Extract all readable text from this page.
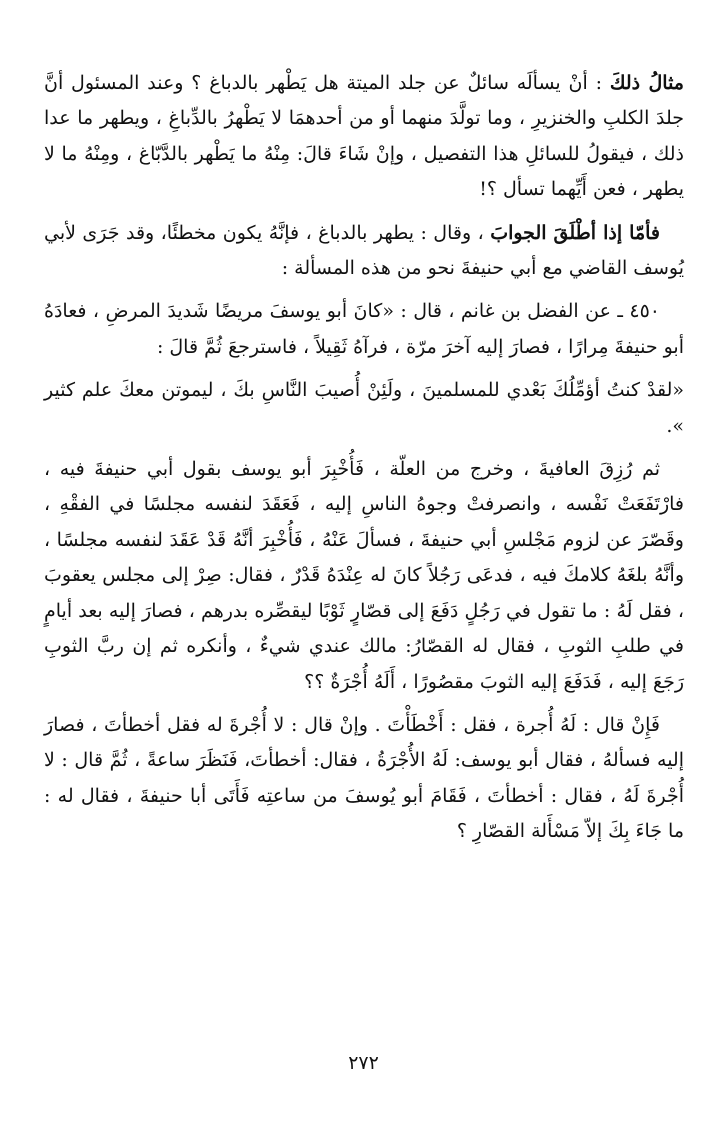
مثالُ ذلكَ : أنْ يسألَه سائلٌ عن جلد الميتة هل يَطْهر بالدباغ ؟ وعند المسئول أنَّ جلدَ الكلبِ والخنزيرِ ، وما تولَّدَ منهما أو من أحدهمَا لا يَطْهرُ بالدِّباغِ ، ويطهر ما عدا ذلك ، فيقولُ للسائلِ هذا التفصيل ، وإنْ شَاءَ قالَ: مِنْهُ ما يَطْهر بالدَّبّاغ ، ومِنْهُ ما لا يطهر ، فعن أَيِّهما تسأل ؟!

فأمّا إذا أطْلَقَ الجوابَ ، وقال : يطهر بالدباغ ، فإنَّهُ يكون مخطئًا، وقد جَرَى لأبي يُوسف القاضي مع أبي حنيفةَ نحو من هذه المسألة :

٤٥٠ ـ عن الفضل بن غانم ، قال : «كانَ أبو يوسفَ مريضًا شَديدَ المرضِ ، فعادَهُ أبو حنيفةَ مِرارًا ، فصارَ إليه آخرَ مرّة ، فرآهُ ثَقِيلاً ، فاسترجعَ ثُمَّ قالَ :

«لقدْ كنتُ أؤمِّلُكَ بَعْدي للمسلمينَ ، ولَئِنْ أُصيبَ النَّاسِ بكَ ، ليموتن معكَ علم كثير ».

ثم رُزِقَ العافيةَ ، وخرج من العلّة ، فَأُخْبِرَ أبو يوسف بقول أبي حنيفةَ فيه ، فارْتَفَعَتْ نَفْسه ، وانصرفتْ وجوهُ الناسِ إليه ، فَعَقَدَ لنفسه مجلسًا في الفقْهِ ، وقَصّرَ عن لزوم مَجْلسِ أبي حنيفةَ ، فسألَ عَنْهُ ، فَأُخْبِرَ أنَّهُ قَدْ عَقَدَ لنفسه مجلسًا ، وأنَّهُ بلغَهُ كلامكَ فيه ، فدعَى رَجُلاً كانَ له عِنْدَهُ قَدْرٌ ، فقال: صِرْ إلى مجلس يعقوبَ ، فقل لَهُ : ما تقول في رَجُلٍ دَفَعَ إلى قصّارٍ ثَوْبًا ليقصِّره بدرهم ، فصارَ إليه بعد أيامٍ في طلبِ الثوبِ ، فقال له القصّارُ: مالك عندي شيءٌ ، وأنكره ثم إن ربَّ الثوبِ رَجَعَ إليه ، فَدَفَعَ إليه الثوبَ مقصُورًا ، أَلَهُ أُجْرَةٌ ؟؟

فَإِنْ قال : لَهُ أُجرة ، فقل : أَخْطَأْتَ . وإنْ قال : لا أُجْرةَ له فقل أخطأتَ ، فصارَ إليه فسألهُ ، فقال أبو يوسف: لَهُ الأُجْرَةُ ، فقال: أخطأتَ، فَنَظَرَ ساعةً ، ثُمَّ قال : لا أُجْرةَ لَهُ ، فقال : أخطأتَ ، فَقَامَ أبو يُوسفَ من ساعتِه فَأَتَى أبا حنيفةَ ، فقال له : ما جَاءَ بِكَ إلاّ مَسْأَلة القصّارِ ؟

٢٧٢
